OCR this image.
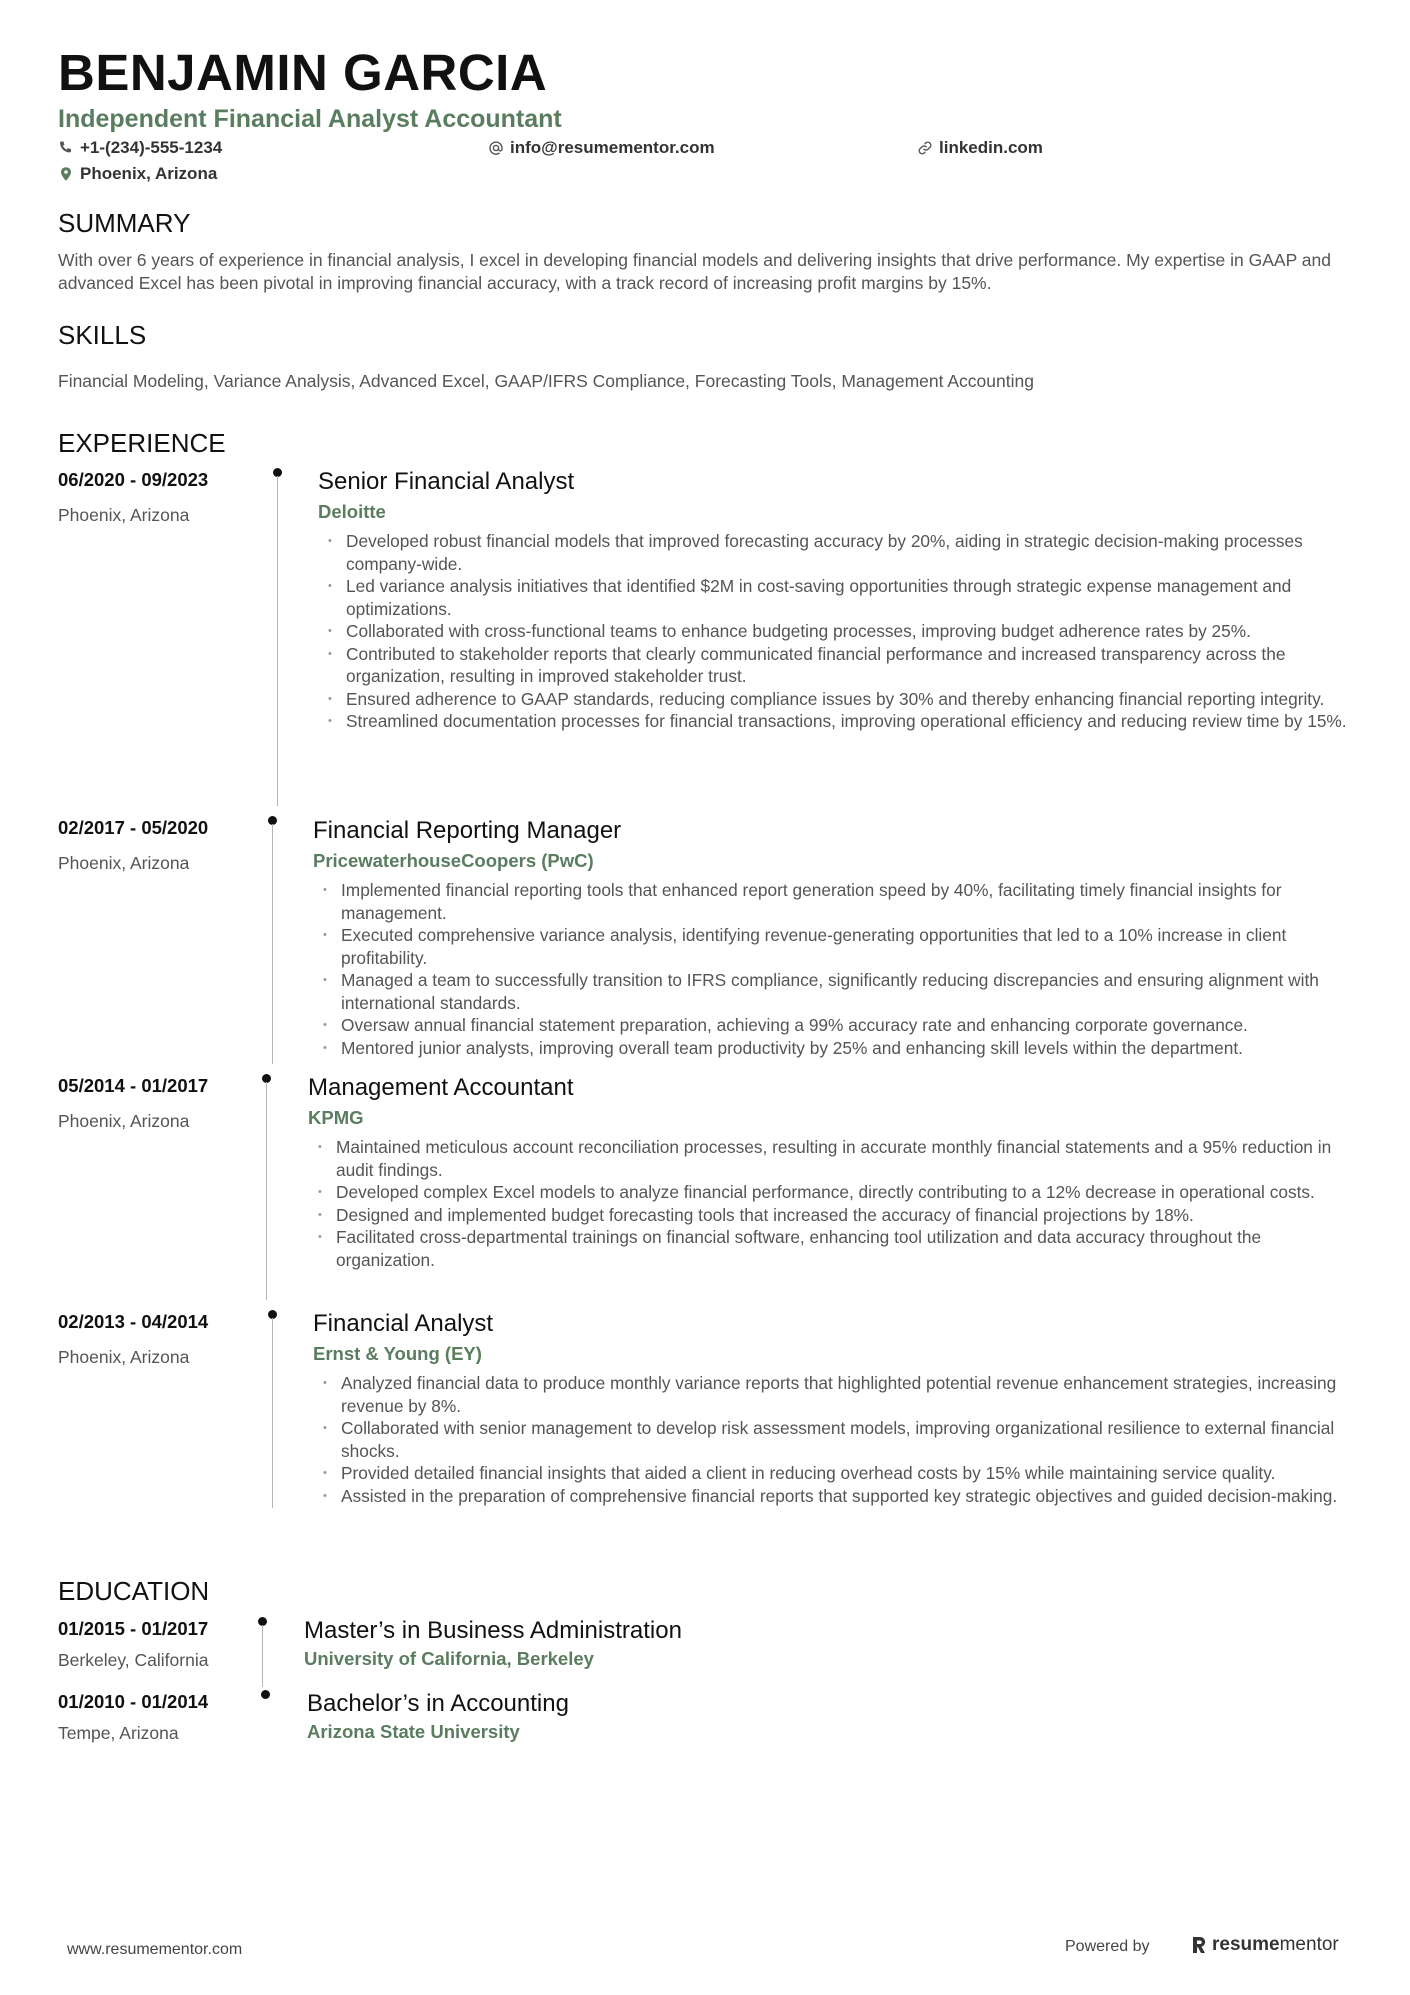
BENJAMIN GARCIA
Independent Financial Analyst Accountant
+1-(234)-555-1234	info@resumementor.com	linkedin.com
Phoenix, Arizona
SUMMARY
With over 6 years of experience in financial analysis, I excel in developing financial models and delivering insights that drive performance. My expertise in GAAP and advanced Excel has been pivotal in improving financial accuracy, with a track record of increasing profit margins by 15%.
SKILLS
Financial Modeling, Variance Analysis, Advanced Excel, GAAP/IFRS Compliance, Forecasting Tools, Management Accounting
EXPERIENCE
06/2020 - 09/2023
Phoenix, Arizona
Senior Financial Analyst
Deloitte
• Developed robust financial models that improved forecasting accuracy by 20%, aiding in strategic decision-making processes company-wide.
• Led variance analysis initiatives that identified $2M in cost-saving opportunities through strategic expense management and optimizations.
• Collaborated with cross-functional teams to enhance budgeting processes, improving budget adherence rates by 25%.
• Contributed to stakeholder reports that clearly communicated financial performance and increased transparency across the organization, resulting in improved stakeholder trust.
• Ensured adherence to GAAP standards, reducing compliance issues by 30% and thereby enhancing financial reporting integrity.
• Streamlined documentation processes for financial transactions, improving operational efficiency and reducing review time by 15%.
02/2017 - 05/2020
Phoenix, Arizona
Financial Reporting Manager
PricewaterhouseCoopers (PwC)
• Implemented financial reporting tools that enhanced report generation speed by 40%, facilitating timely financial insights for management.
• Executed comprehensive variance analysis, identifying revenue-generating opportunities that led to a 10% increase in client profitability.
• Managed a team to successfully transition to IFRS compliance, significantly reducing discrepancies and ensuring alignment with international standards.
• Oversaw annual financial statement preparation, achieving a 99% accuracy rate and enhancing corporate governance.
• Mentored junior analysts, improving overall team productivity by 25% and enhancing skill levels within the department.
05/2014 - 01/2017
Phoenix, Arizona
Management Accountant
KPMG
• Maintained meticulous account reconciliation processes, resulting in accurate monthly financial statements and a 95% reduction in audit findings.
• Developed complex Excel models to analyze financial performance, directly contributing to a 12% decrease in operational costs.
• Designed and implemented budget forecasting tools that increased the accuracy of financial projections by 18%.
• Facilitated cross-departmental trainings on financial software, enhancing tool utilization and data accuracy throughout the organization.
02/2013 - 04/2014
Phoenix, Arizona
Financial Analyst
Ernst & Young (EY)
• Analyzed financial data to produce monthly variance reports that highlighted potential revenue enhancement strategies, increasing revenue by 8%.
• Collaborated with senior management to develop risk assessment models, improving organizational resilience to external financial shocks.
• Provided detailed financial insights that aided a client in reducing overhead costs by 15% while maintaining service quality.
• Assisted in the preparation of comprehensive financial reports that supported key strategic objectives and guided decision-making.
EDUCATION
01/2015 - 01/2017
Berkeley, California
Master’s in Business Administration
University of California, Berkeley
01/2010 - 01/2014
Tempe, Arizona
Bachelor’s in Accounting
Arizona State University
www.resumementor.com	Powered by	resume mentor
